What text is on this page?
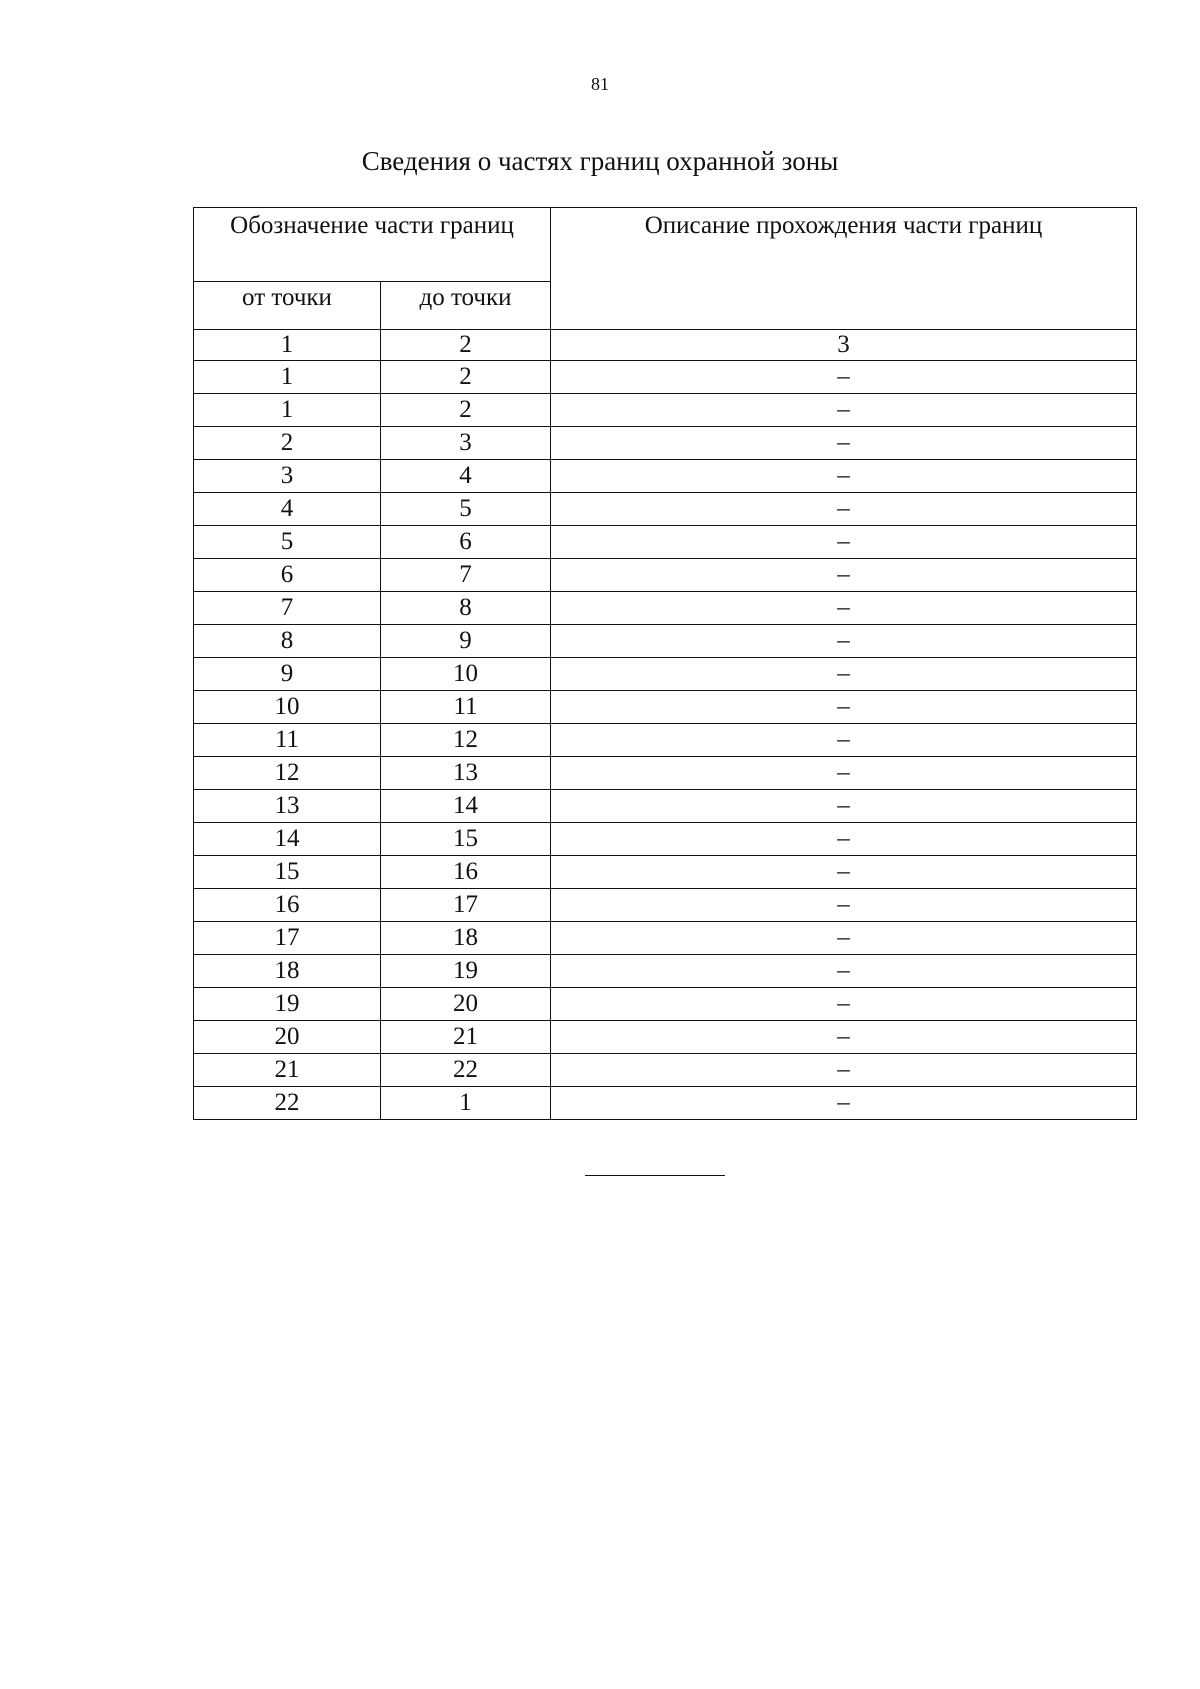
81
Сведения о частях границ охранной зоны
Обозначение части границ		Описание прохождения части границ
от точки	до точки	
1	2	3
1	2	–
1	2	–
2	3	–
3	4	–
4	5	–
5	6	–
6	7	–
7	8	–
8	9	–
9	10	–
10	11	–
11	12	–
12	13	–
13	14	–
14	15	–
15	16	–
16	17	–
17	18	–
18	19	–
19	20	–
20	21	–
21	22	–
22	1	–
